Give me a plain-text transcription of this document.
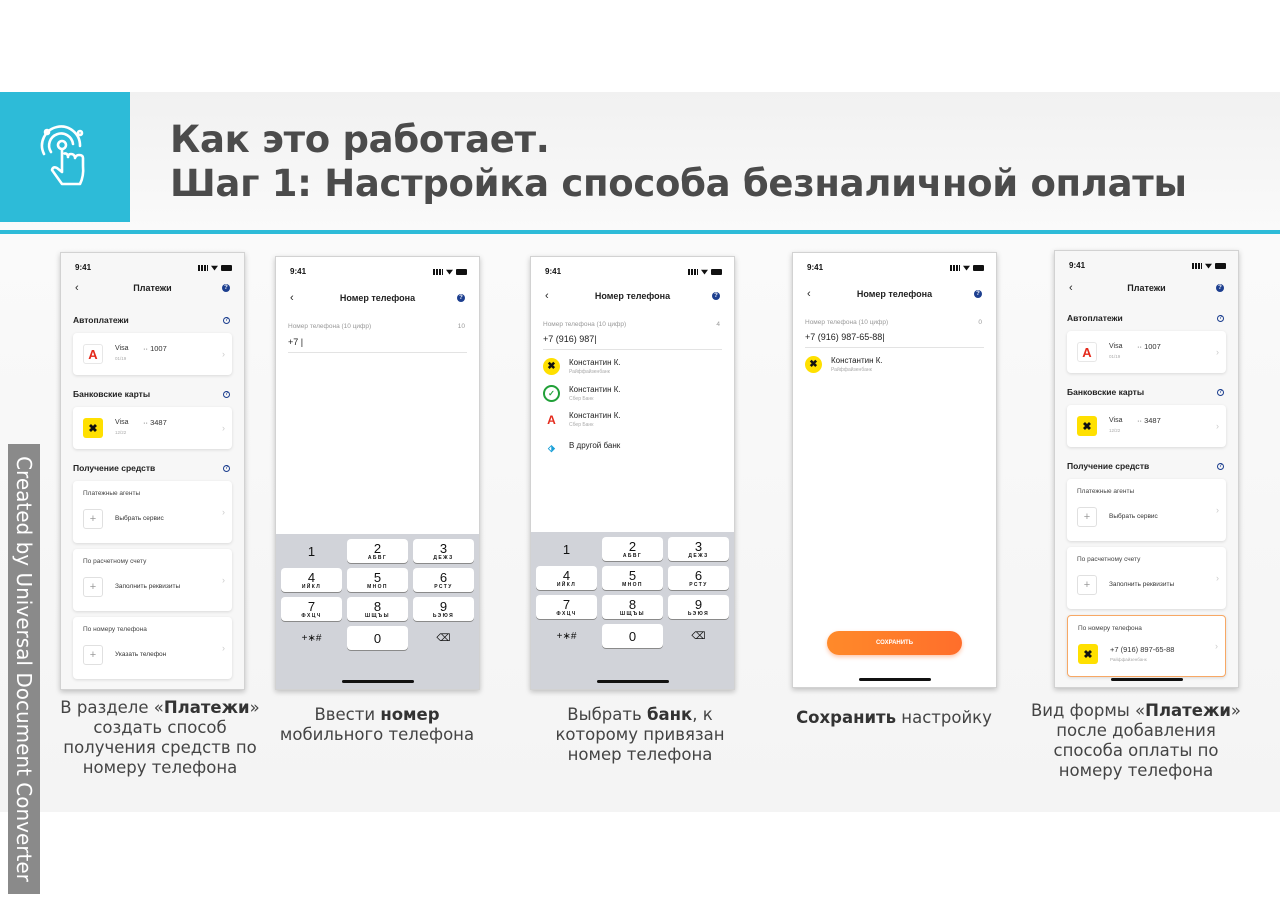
Как это работает.
Шаг 1: Настройка способа безналичной оплаты
Created by Universal Document Converter
9:41
‹	Платежи	?
Автоплатежи	?
А	Visa ·· 1007
01/19	›
Банковские карты	?
✖	Visa ·· 3487
12/22	›
Получение средств	?
Платежные агенты
+	Выбрать сервис
›
По расчетному счету
+	Заполнить реквизиты
›
По номеру телефона
+	Указать телефон
›
9:41
‹	Номер телефона	?
Номер телефона (10 цифр)	10
+7 |
1	2
АБВГ
3
ДЕЖЗ
4
ИЙКЛ
5
МНОП
6
РСТУ
7
ФХЦЧ
8
ШЩЪЫ
9
ЬЭЮЯ
+∗#	0	⌫
9:41
‹	Номер телефона	?
Номер телефона (10 цифр)	4
+7 (916) 987|
✖	Константин К.
Райффайзенбанк
✓	Константин К.
Сбер Банк
А	Константин К.
Сбер Банк
⬗	В другой банк
1	2
АБВГ
3
ДЕЖЗ
4
ИЙКЛ
5
МНОП
6
РСТУ
7
ФХЦЧ
8
ШЩЪЫ
9
ЬЭЮЯ
+∗#	0	⌫
9:41
‹	Номер телефона	?
Номер телефона (10 цифр)	0
+7 (916) 987-65-88|
✖	Константин К.
Райффайзенбанк
СОХРАНИТЬ
9:41
‹	Платежи	?
Автоплатежи	?
А	Visa ·· 1007
01/19	›
Банковские карты	?
✖	Visa ·· 3487
12/22	›
Получение средств	?
Платежные агенты
+	Выбрать сервис
›
По расчетному счету
+	Заполнить реквизиты
›
По номеру телефона
✖	+7 (916) 897-65-88
Райффайзенбанк
›
В разделе «Платежи» создать способ получения средств по номеру телефона
Ввести номер мобильного телефона
Выбрать банк, к которому привязан номер телефона
Сохранить настройку	Вид формы «Платежи» после добавления способа оплаты по номеру телефона
